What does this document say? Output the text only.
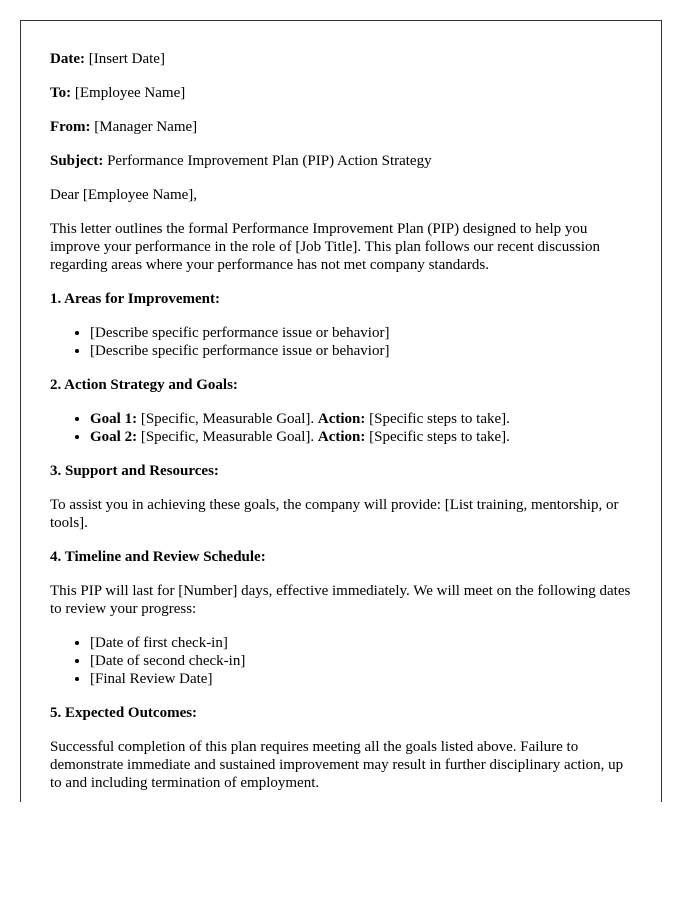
Date: [Insert Date]

To: [Employee Name]

From: [Manager Name]

Subject: Performance Improvement Plan (PIP) Action Strategy

Dear [Employee Name],

This letter outlines the formal Performance Improvement Plan (PIP) designed to help you improve your performance in the role of [Job Title]. This plan follows our recent discussion regarding areas where your performance has not met company standards.

1. Areas for Improvement:
• [Describe specific performance issue or behavior]
• [Describe specific performance issue or behavior]
2. Action Strategy and Goals:
• Goal 1: [Specific, Measurable Goal]. Action: [Specific steps to take].
• Goal 2: [Specific, Measurable Goal]. Action: [Specific steps to take].
3. Support and Resources:

To assist you in achieving these goals, the company will provide: [List training, mentorship, or tools].

4. Timeline and Review Schedule:

This PIP will last for [Number] days, effective immediately. We will meet on the following dates to review your progress:

• [Date of first check-in]
• [Date of second check-in]
• [Final Review Date]
5. Expected Outcomes:

Successful completion of this plan requires meeting all the goals listed above. Failure to demonstrate immediate and sustained improvement may result in further disciplinary action, up to and including termination of employment.
